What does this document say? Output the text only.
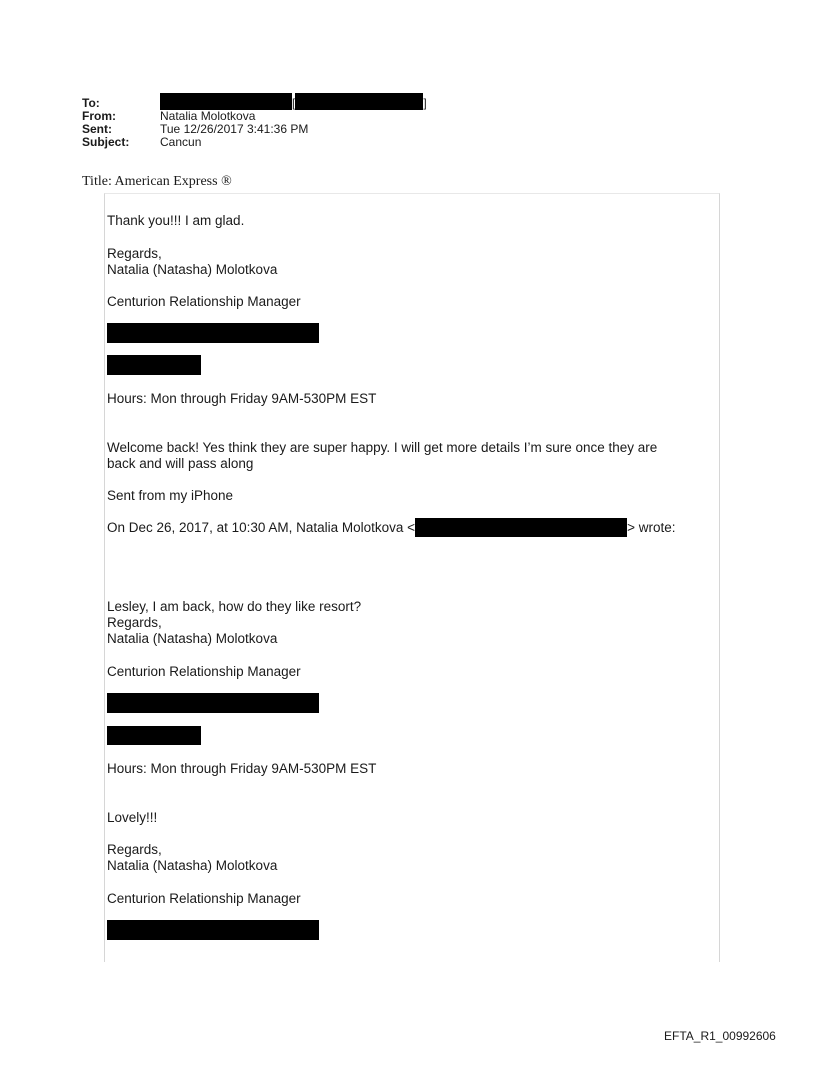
To:	[	]
From:	Natalia Molotkova
Sent:	Tue 12/26/2017 3:41:36 PM
Subject:	Cancun
Title: American Express ®
Thank you!!! I am glad.
Regards,
Natalia (Natasha) Molotkova
Centurion Relationship Manager
Hours: Mon through Friday 9AM-530PM EST
Welcome back! Yes think they are super happy. I will get more details I’m sure once they are
back and will pass along
Sent from my iPhone
On Dec 26, 2017, at 10:30 AM, Natalia Molotkova <	> wrote:
Lesley, I am back, how do they like resort?
Regards,
Natalia (Natasha) Molotkova
Centurion Relationship Manager
Hours: Mon through Friday 9AM-530PM EST
Lovely!!!
Regards,
Natalia (Natasha) Molotkova
Centurion Relationship Manager
EFTA_R1_00992606
